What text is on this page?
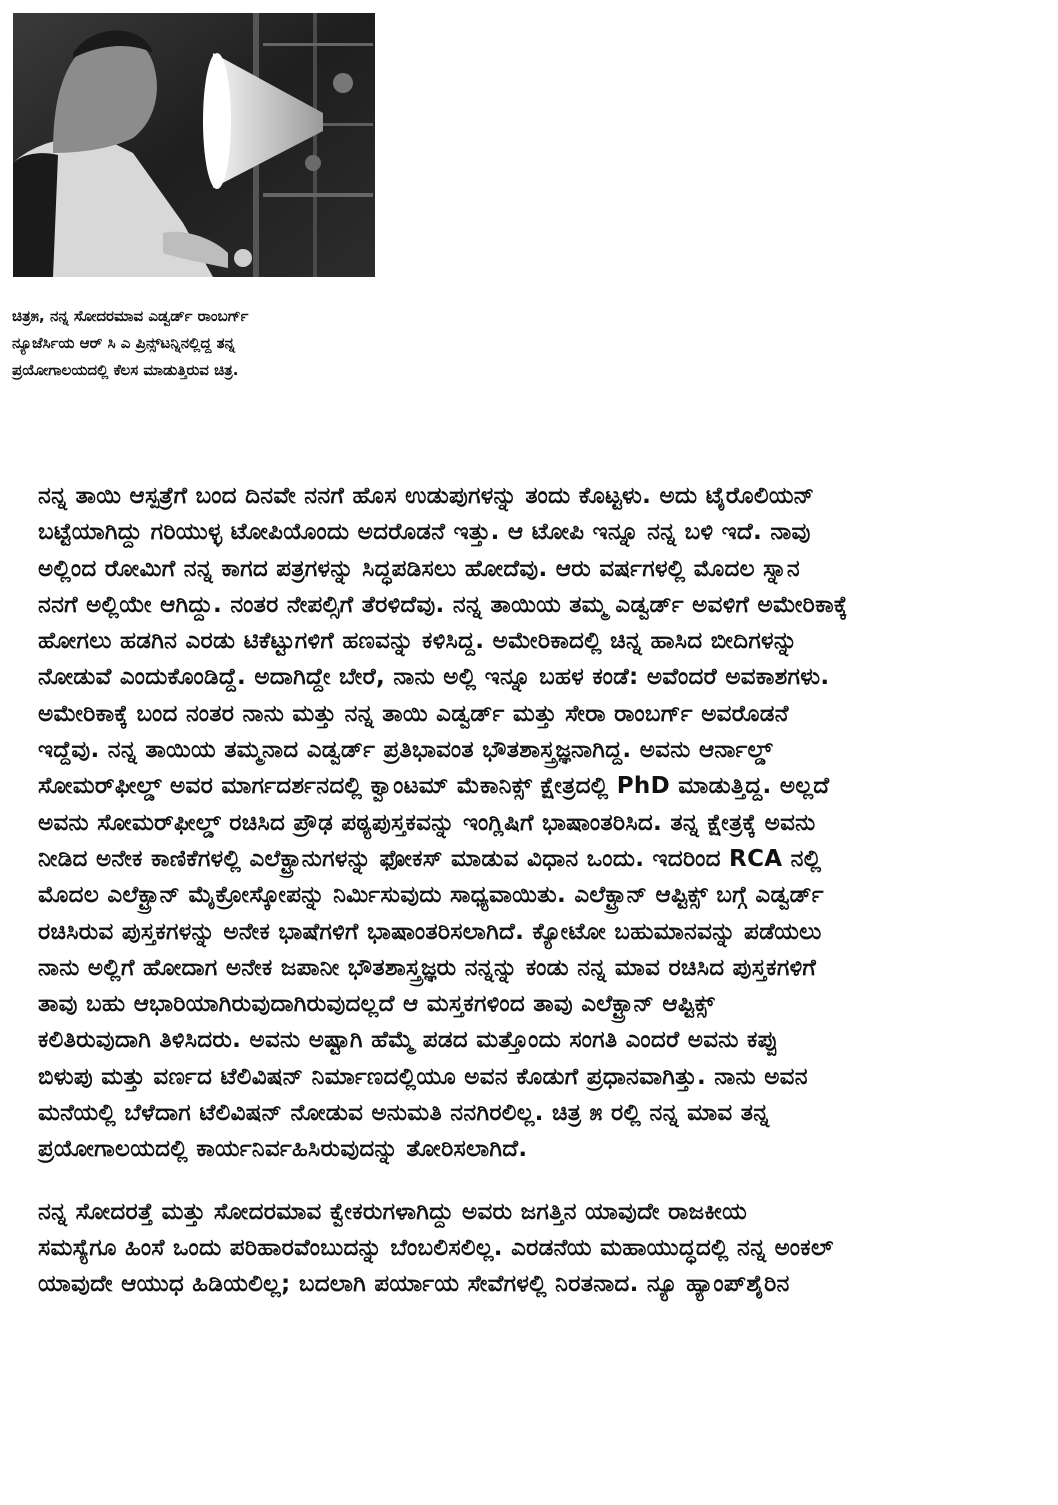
ಚಿತ್ರ೫, ನನ್ನ ಸೋದರಮಾವ ಎಡ್ವರ್ಡ್ ರಾಂಬರ್ಗ್
ನ್ಯೂಜೆರ್ಸಿಯ ಆರ್ ಸಿ ಎ ಪ್ರಿನ್ಸ್‌ಟನ್ನಿನಲ್ಲಿದ್ದ ತನ್ನ
ಪ್ರಯೋಗಾಲಯದಲ್ಲಿ ಕೆಲಸ ಮಾಡುತ್ತಿರುವ ಚಿತ್ರ.
ನನ್ನ ತಾಯಿ ಆಸ್ಪತ್ರೆಗೆ ಬಂದ ದಿನವೇ ನನಗೆ ಹೊಸ ಉಡುಪುಗಳನ್ನು ತಂದು ಕೊಟ್ಟಳು. ಅದು ಟೈರೊಲಿಯನ್
ಬಟ್ಟೆಯಾಗಿದ್ದು ಗರಿಯುಳ್ಳ ಟೋಪಿಯೊಂದು ಅದರೊಡನೆ ಇತ್ತು. ಆ ಟೋಪಿ ಇನ್ನೂ ನನ್ನ ಬಳಿ ಇದೆ. ನಾವು
ಅಲ್ಲಿಂದ ರೋಮಿಗೆ ನನ್ನ ಕಾಗದ ಪತ್ರಗಳನ್ನು ಸಿದ್ಧಪಡಿಸಲು ಹೋದೆವು. ಆರು ವರ್ಷಗಳಲ್ಲಿ ಮೊದಲ ಸ್ನಾನ
ನನಗೆ ಅಲ್ಲಿಯೇ ಆಗಿದ್ದು. ನಂತರ ನೇಪಲ್ಸಿಗೆ ತೆರಳಿದೆವು. ನನ್ನ ತಾಯಿಯ ತಮ್ಮ ಎಡ್ವರ್ಡ್ ಅವಳಿಗೆ ಅಮೇರಿಕಾಕ್ಕೆ
ಹೋಗಲು ಹಡಗಿನ ಎರಡು ಟಿಕೆಟ್ಟುಗಳಿಗೆ ಹಣವನ್ನು ಕಳಿಸಿದ್ದ. ಅಮೇರಿಕಾದಲ್ಲಿ ಚಿನ್ನ ಹಾಸಿದ ಬೀದಿಗಳನ್ನು
ನೋಡುವೆ ಎಂದುಕೊಂಡಿದ್ದೆ. ಅದಾಗಿದ್ದೇ ಬೇರೆ, ನಾನು ಅಲ್ಲಿ ಇನ್ನೂ ಬಹಳ ಕಂಡೆ: ಅವೆಂದರೆ ಅವಕಾಶಗಳು.
ಅಮೇರಿಕಾಕ್ಕೆ ಬಂದ ನಂತರ ನಾನು ಮತ್ತು ನನ್ನ ತಾಯಿ ಎಡ್ವರ್ಡ್ ಮತ್ತು ಸೇರಾ ರಾಂಬರ್ಗ್ ಅವರೊಡನೆ
ಇದ್ದೆವು. ನನ್ನ ತಾಯಿಯ ತಮ್ಮನಾದ ಎಡ್ವರ್ಡ್ ಪ್ರತಿಭಾವಂತ ಭೌತಶಾಸ್ತ್ರಜ್ಞನಾಗಿದ್ದ. ಅವನು ಆರ್ನಾಲ್ಡ್
ಸೋಮರ್‌ಫೀಲ್ಡ್ ಅವರ ಮಾರ್ಗದರ್ಶನದಲ್ಲಿ ಕ್ವಾಂಟಮ್ ಮೆಕಾನಿಕ್ಸ್ ಕ್ಷೇತ್ರದಲ್ಲಿ PhD ಮಾಡುತ್ತಿದ್ದ. ಅಲ್ಲದೆ
ಅವನು ಸೋಮರ್‌ಫೀಲ್ಡ್ ರಚಿಸಿದ ಪ್ರೌಢ ಪಠ್ಯಪುಸ್ತಕವನ್ನು ಇಂಗ್ಲಿಷಿಗೆ ಭಾಷಾಂತರಿಸಿದ. ತನ್ನ ಕ್ಷೇತ್ರಕ್ಕೆ ಅವನು
ನೀಡಿದ ಅನೇಕ ಕಾಣಿಕೆಗಳಲ್ಲಿ ಎಲೆಕ್ಟ್ರಾನುಗಳನ್ನು ಫೋಕಸ್ ಮಾಡುವ ವಿಧಾನ ಒಂದು. ಇದರಿಂದ RCA ನಲ್ಲಿ
ಮೊದಲ ಎಲೆಕ್ಟ್ರಾನ್ ಮೈಕ್ರೋಸ್ಕೋಪನ್ನು ನಿರ್ಮಿಸುವುದು ಸಾಧ್ಯವಾಯಿತು. ಎಲೆಕ್ಟ್ರಾನ್ ಆಪ್ಟಿಕ್ಸ್ ಬಗ್ಗೆ ಎಡ್ವರ್ಡ್
ರಚಿಸಿರುವ ಪುಸ್ತಕಗಳನ್ನು ಅನೇಕ ಭಾಷೆಗಳಿಗೆ ಭಾಷಾಂತರಿಸಲಾಗಿದೆ. ಕ್ಯೋಟೋ ಬಹುಮಾನವನ್ನು ಪಡೆಯಲು
ನಾನು ಅಲ್ಲಿಗೆ ಹೋದಾಗ ಅನೇಕ ಜಪಾನೀ ಭೌತಶಾಸ್ತ್ರಜ್ಞರು ನನ್ನನ್ನು ಕಂಡು ನನ್ನ ಮಾವ ರಚಿಸಿದ ಪುಸ್ತಕಗಳಿಗೆ
ತಾವು ಬಹು ಆಭಾರಿಯಾಗಿರುವುದಾಗಿರುವುದಲ್ಲದೆ ಆ ಮಸ್ತಕಗಳಿಂದ ತಾವು ಎಲೆಕ್ಟ್ರಾನ್ ಆಪ್ಟಿಕ್ಸ್
ಕಲಿತಿರುವುದಾಗಿ ತಿಳಿಸಿದರು. ಅವನು ಅಷ್ಟಾಗಿ ಹೆಮ್ಮೆ ಪಡದ ಮತ್ತೊಂದು ಸಂಗತಿ ಎಂದರೆ ಅವನು ಕಪ್ಪು
ಬಿಳುಪು ಮತ್ತು ವರ್ಣದ ಟೆಲಿವಿಷನ್ ನಿರ್ಮಾಣದಲ್ಲಿಯೂ ಅವನ ಕೊಡುಗೆ ಪ್ರಧಾನವಾಗಿತ್ತು. ನಾನು ಅವನ
ಮನೆಯಲ್ಲಿ ಬೆಳೆದಾಗ ಟೆಲಿವಿಷನ್ ನೋಡುವ ಅನುಮತಿ ನನಗಿರಲಿಲ್ಲ. ಚಿತ್ರ ೫ ರಲ್ಲಿ ನನ್ನ ಮಾವ ತನ್ನ
ಪ್ರಯೋಗಾಲಯದಲ್ಲಿ ಕಾರ್ಯನಿರ್ವಹಿಸಿರುವುದನ್ನು ತೋರಿಸಲಾಗಿದೆ.
ನನ್ನ ಸೋದರತ್ತೆ ಮತ್ತು ಸೋದರಮಾವ ಕ್ವೇಕರುಗಳಾಗಿದ್ದು ಅವರು ಜಗತ್ತಿನ ಯಾವುದೇ ರಾಜಕೀಯ
ಸಮಸ್ಯೆಗೂ ಹಿಂಸೆ ಒಂದು ಪರಿಹಾರವೆಂಬುದನ್ನು ಬೆಂಬಲಿಸಲಿಲ್ಲ. ಎರಡನೆಯ ಮಹಾಯುದ್ಧದಲ್ಲಿ ನನ್ನ ಅಂಕಲ್
ಯಾವುದೇ ಆಯುಧ ಹಿಡಿಯಲಿಲ್ಲ; ಬದಲಾಗಿ ಪರ್ಯಾಯ ಸೇವೆಗಳಲ್ಲಿ ನಿರತನಾದ. ನ್ಯೂ ಹ್ಯಾಂಪ್‌ಶೈರಿನ
